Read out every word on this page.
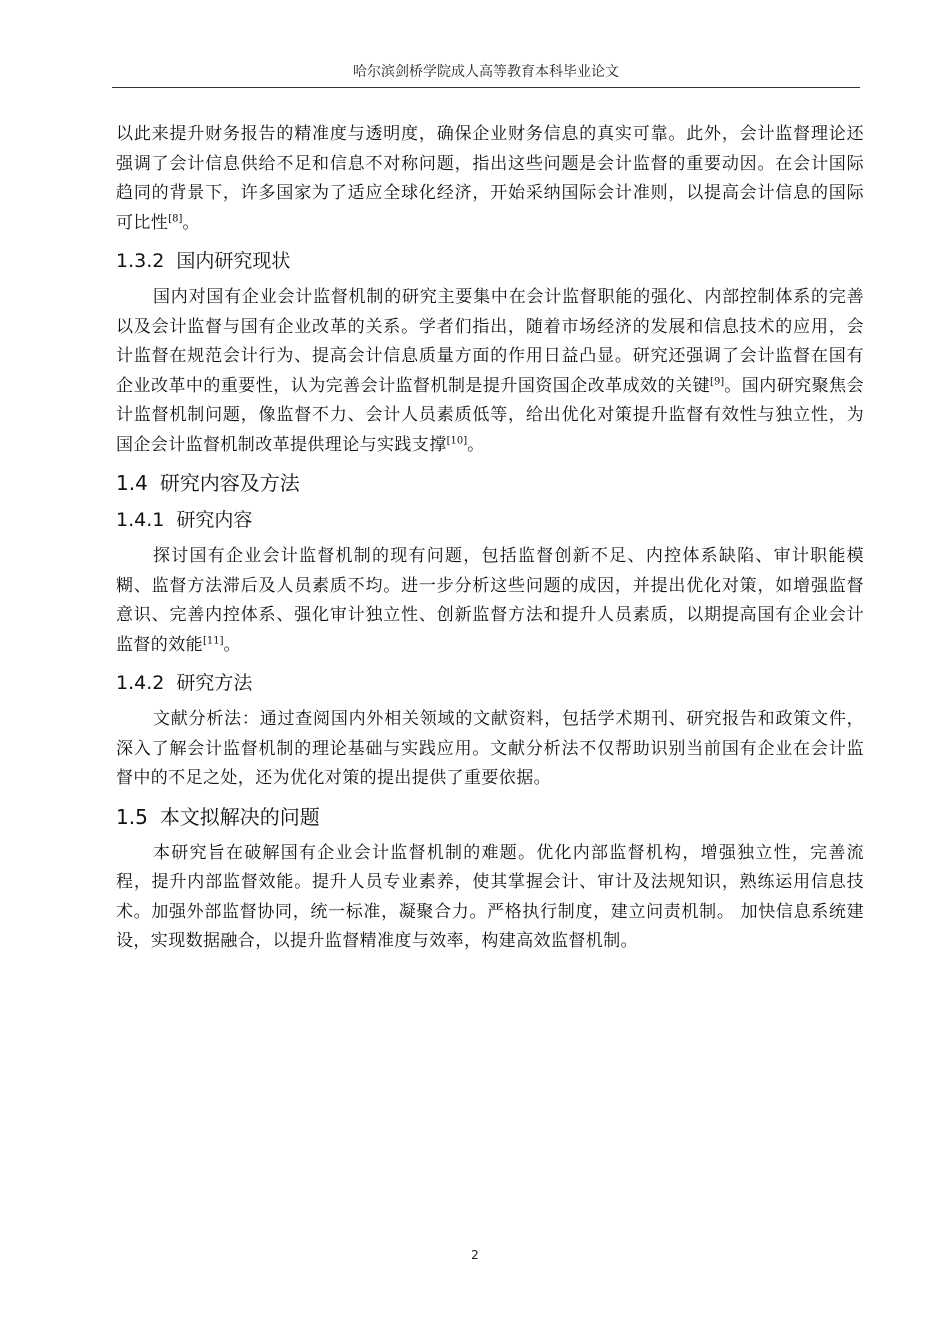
哈尔滨剑桥学院成人高等教育本科毕业论文

以此来提升财务报告的精准度与透明度，确保企业财务信息的真实可靠。此外，会计监督理论还强调了会计信息供给不足和信息不对称问题，指出这些问题是会计监督的重要动因。在会计国际趋同的背景下，许多国家为了适应全球化经济，开始采纳国际会计准则，以提高会计信息的国际可比性[8]。

1.3.2 国内研究现状

国内对国有企业会计监督机制的研究主要集中在会计监督职能的强化、内部控制体系的完善以及会计监督与国有企业改革的关系。学者们指出，随着市场经济的发展和信息技术的应用，会计监督在规范会计行为、提高会计信息质量方面的作用日益凸显。研究还强调了会计监督在国有企业改革中的重要性，认为完善会计监督机制是提升国资国企改革成效的关键[9]。国内研究聚焦会计监督机制问题，像监督不力、会计人员素质低等，给出优化对策提升监督有效性与独立性，为国企会计监督机制改革提供理论与实践支撑[10]。

1.4 研究内容及方法
1.4.1 研究内容

探讨国有企业会计监督机制的现有问题，包括监督创新不足、内控体系缺陷、审计职能模糊、监督方法滞后及人员素质不均。进一步分析这些问题的成因，并提出优化对策，如增强监督意识、完善内控体系、强化审计独立性、创新监督方法和提升人员素质，以期提高国有企业会计监督的效能[11]。

1.4.2 研究方法

文献分析法：通过查阅国内外相关领域的文献资料，包括学术期刊、研究报告和政策文件，深入了解会计监督机制的理论基础与实践应用。文献分析法不仅帮助识别当前国有企业在会计监督中的不足之处，还为优化对策的提出提供了重要依据。

1.5 本文拟解决的问题

本研究旨在破解国有企业会计监督机制的难题。优化内部监督机构，增强独立性，完善流程，提升内部监督效能。提升人员专业素养，使其掌握会计、审计及法规知识，熟练运用信息技术。加强外部监督协同，统一标准，凝聚合力。严格执行制度，建立问责机制。 加快信息系统建设，实现数据融合，以提升监督精准度与效率，构建高效监督机制。

2
